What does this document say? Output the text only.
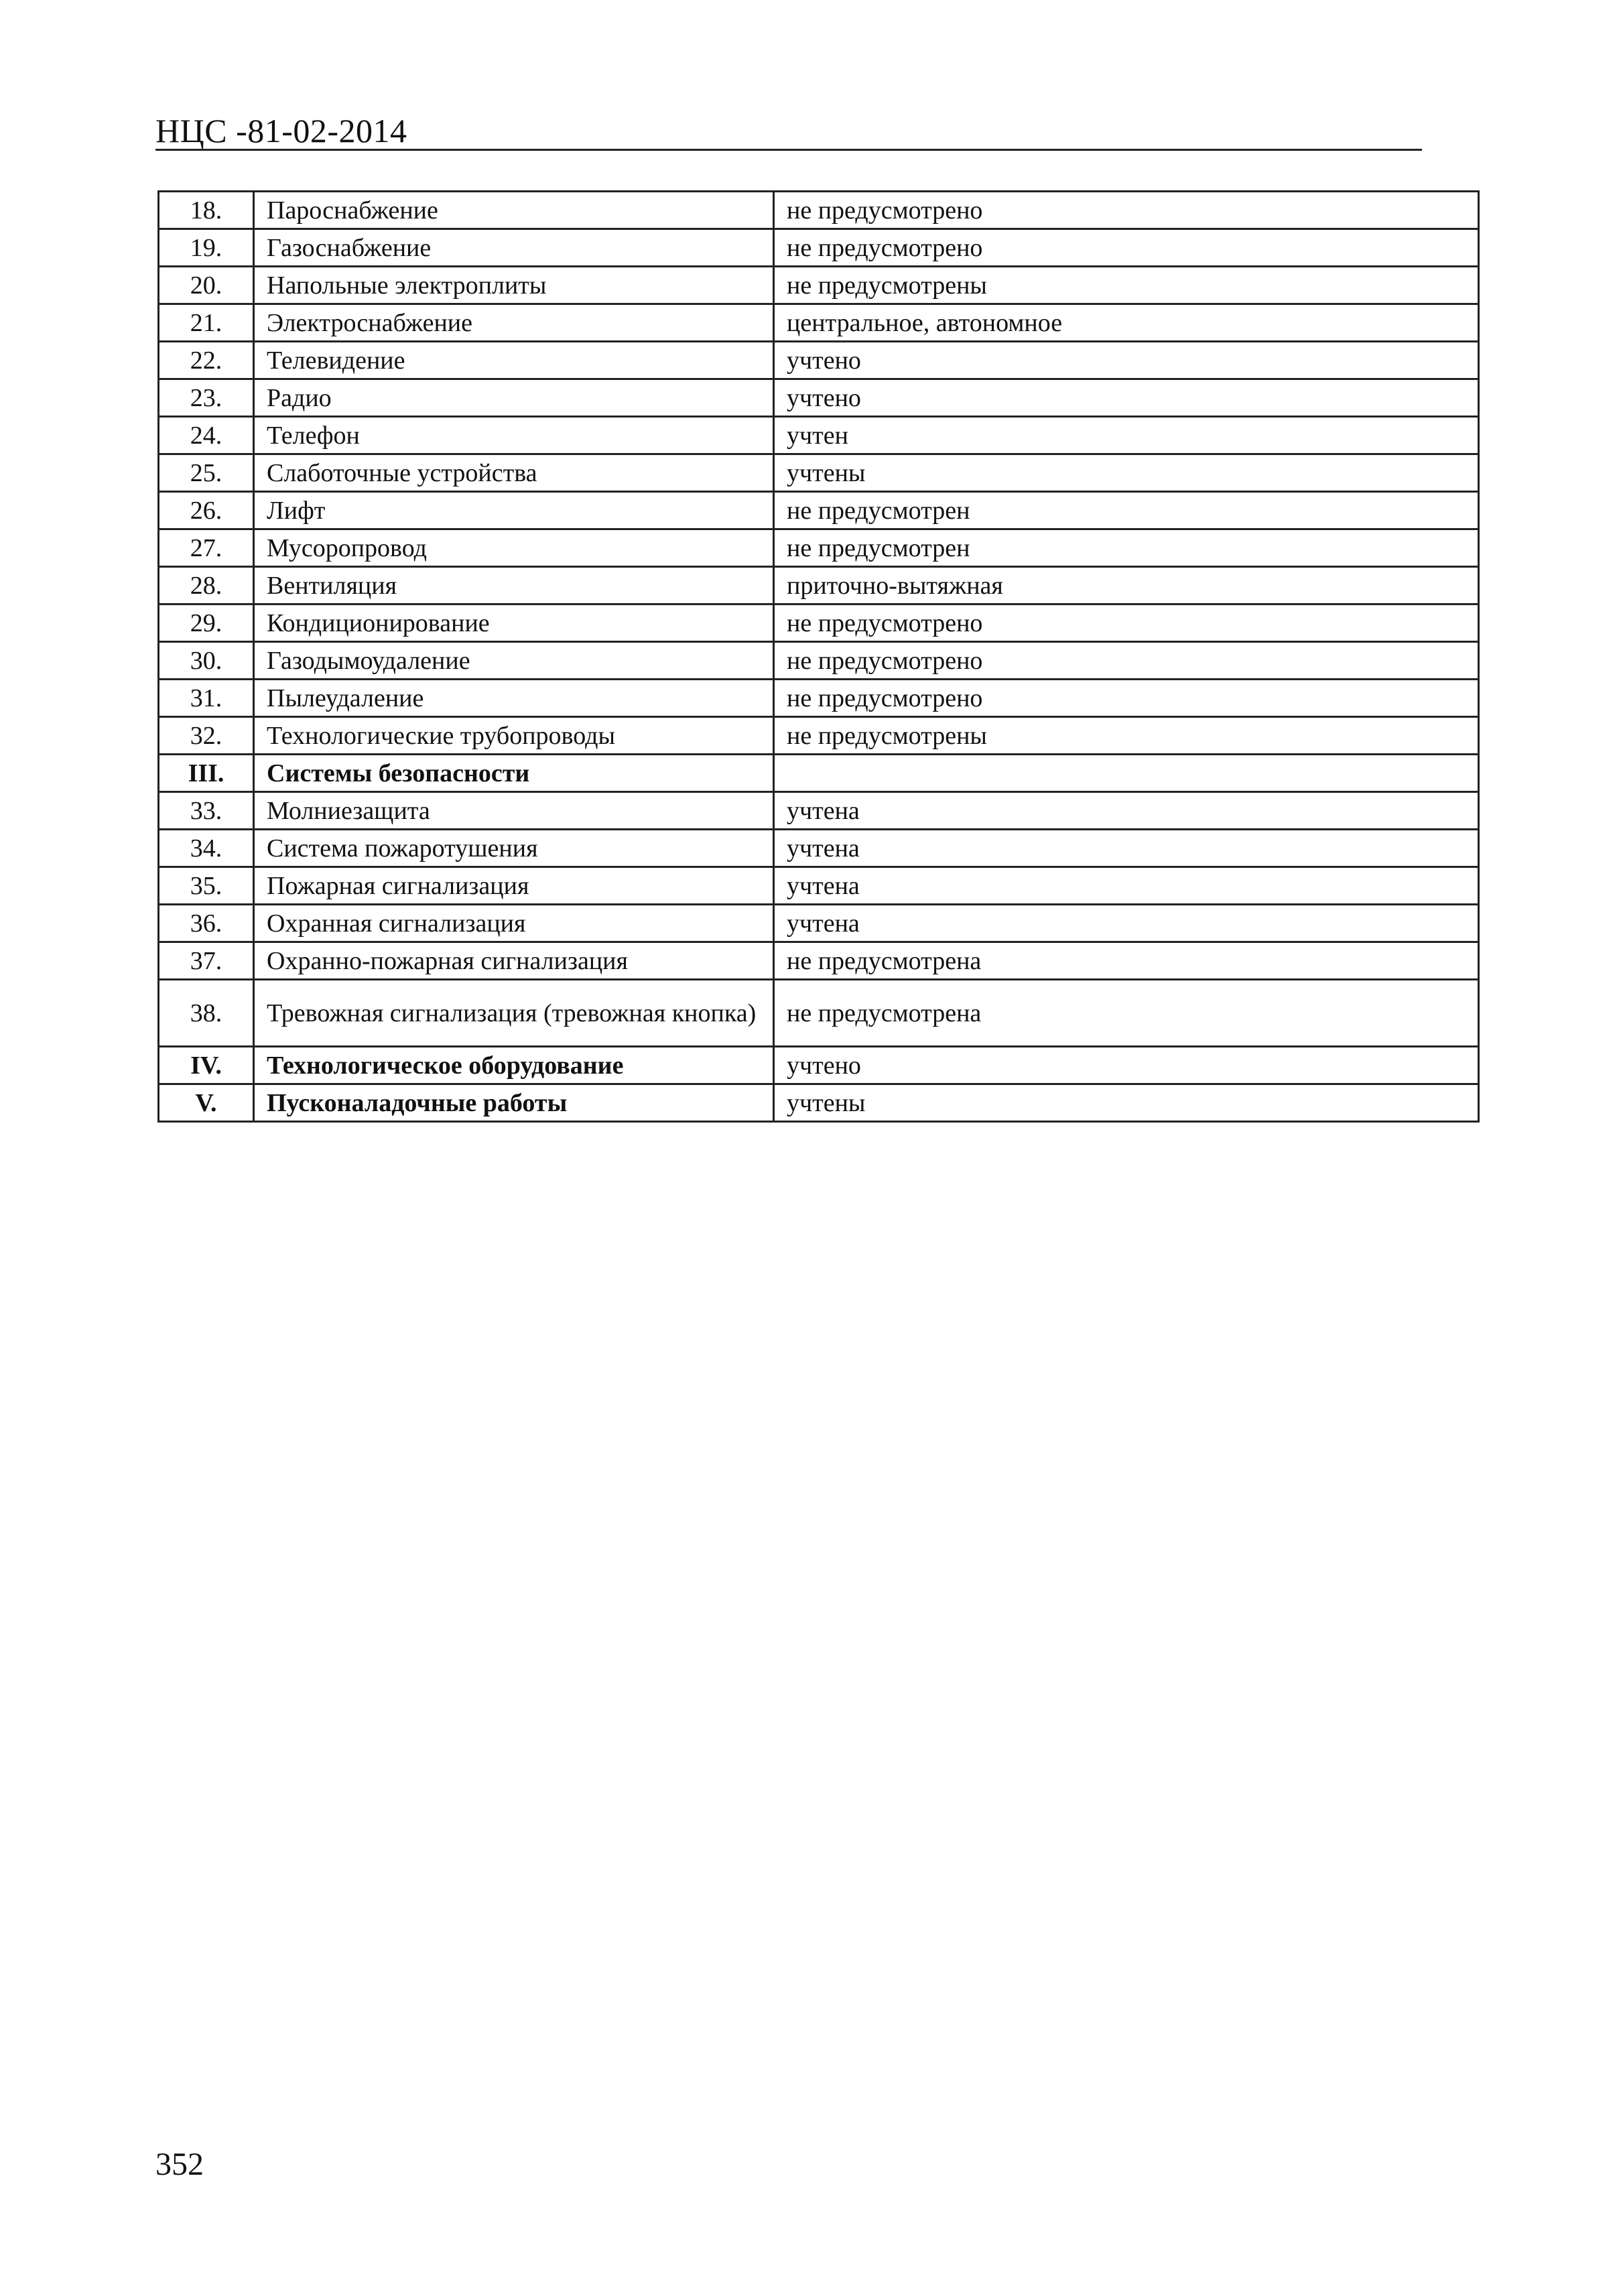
НЦС -81-02-2014
18.	Пароснабжение	не предусмотрено
19.	Газоснабжение	не предусмотрено
20.	Напольные электроплиты	не предусмотрены
21.	Электроснабжение	центральное, автономное
22.	Телевидение	учтено
23.	Радио	учтено
24.	Телефон	учтен
25.	Слаботочные устройства	учтены
26.	Лифт	не предусмотрен
27.	Мусоропровод	не предусмотрен
28.	Вентиляция	приточно-вытяжная
29.	Кондиционирование	не предусмотрено
30.	Газодымоудаление	не предусмотрено
31.	Пылеудаление	не предусмотрено
32.	Технологические трубопроводы	не предусмотрены
III.	Системы безопасности	
33.	Молниезащита	учтена
34.	Система пожаротушения	учтена
35.	Пожарная сигнализация	учтена
36.	Охранная сигнализация	учтена
37.	Охранно-пожарная сигнализация	не предусмотрена
38.	Тревожная сигнализация (тревожная кнопка)	не предусмотрена
IV.	Технологическое оборудование	учтено
V.	Пусконаладочные работы	учтены
352
